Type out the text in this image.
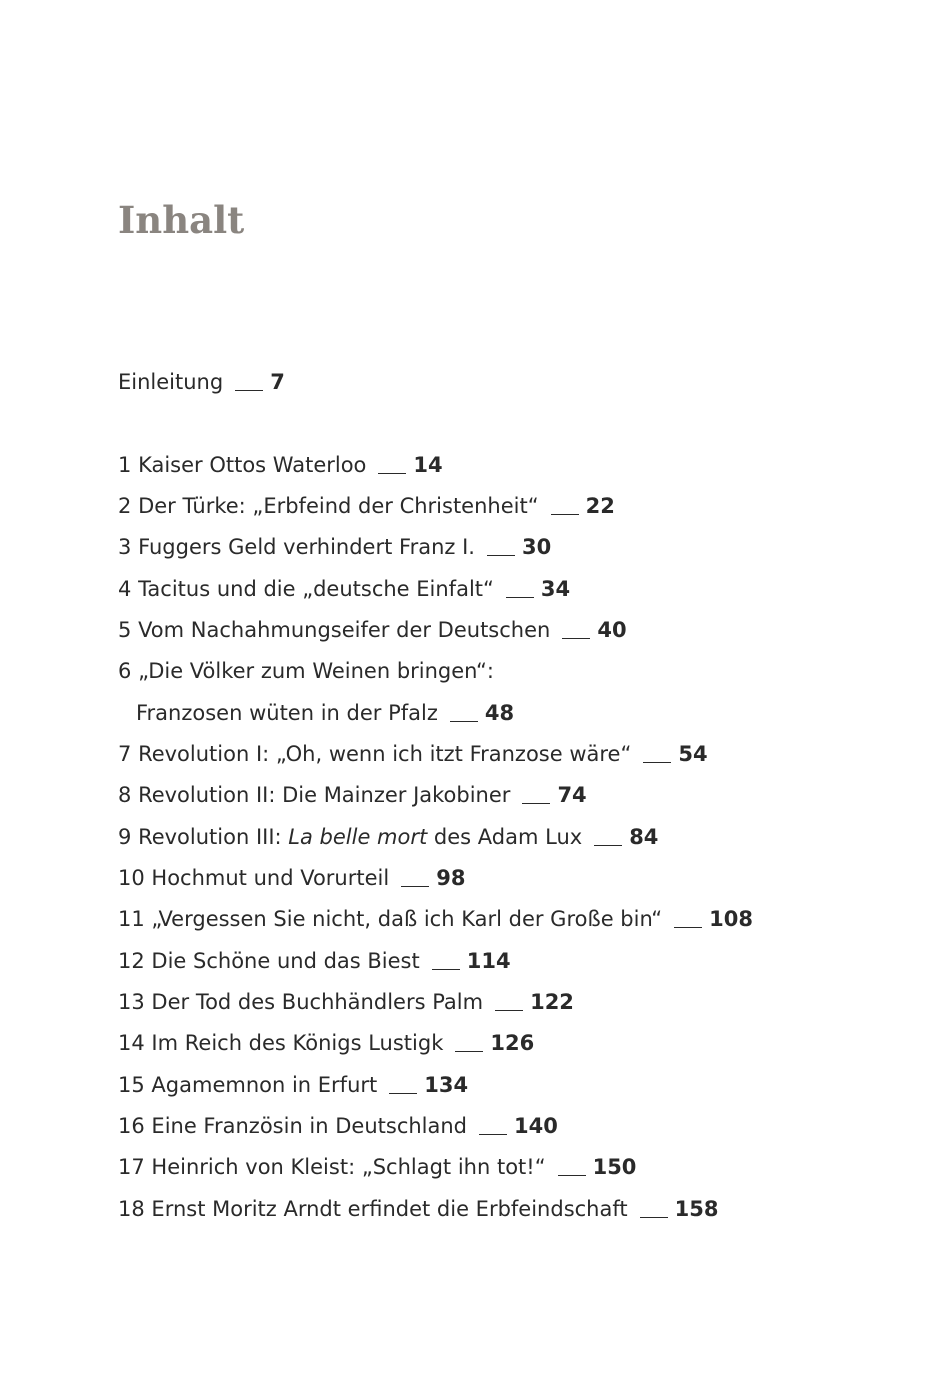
Inhalt
Einleitung 7
1 Kaiser Ottos Waterloo 14
2 Der Türke: „Erbfeind der Christenheit“ 22
3 Fuggers Geld verhindert Franz I. 30
4 Tacitus und die „deutsche Einfalt“ 34
5 Vom Nachahmungseifer der Deutschen 40
6 „Die Völker zum Weinen bringen“:
Franzosen wüten in der Pfalz 48
7 Revolution I: „Oh, wenn ich itzt Franzose wäre“ 54
8 Revolution II: Die Mainzer Jakobiner 74
9 Revolution III: La belle mort des Adam Lux 84
10 Hochmut und Vorurteil 98
11 „Vergessen Sie nicht, daß ich Karl der Große bin“ 108
12 Die Schöne und das Biest 114
13 Der Tod des Buchhändlers Palm 122
14 Im Reich des Königs Lustigk 126
15 Agamemnon in Erfurt 134
16 Eine Französin in Deutschland 140
17 Heinrich von Kleist: „Schlagt ihn tot!“ 150
18 Ernst Moritz Arndt erfindet die Erbfeindschaft 158
